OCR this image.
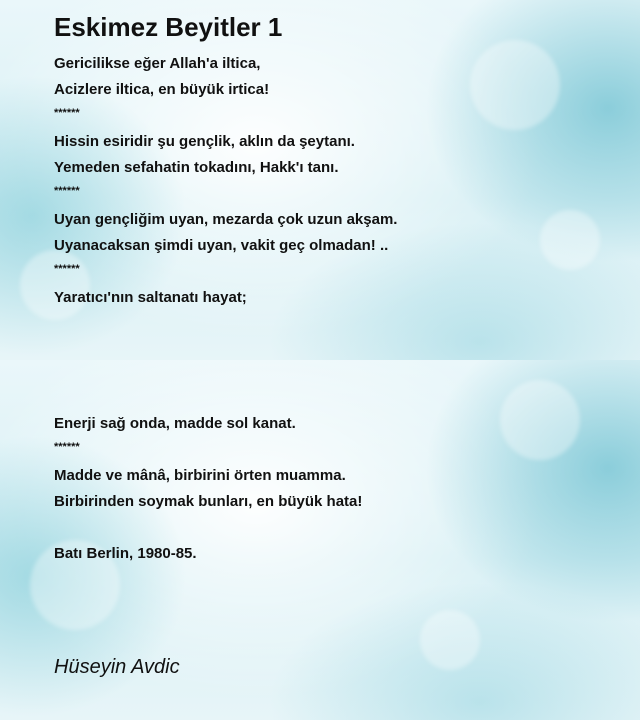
Eskimez Beyitler 1
Gericilikse eğer Allah'a iltica,
Acizlere iltica, en büyük irtica!
******
Hissin esiridir şu gençlik, aklın da şeytanı.
Yemeden sefahatin tokadını, Hakk'ı tanı.
******
Uyan gençliğim uyan, mezarda çok uzun akşam.
Uyanacaksan şimdi uyan, vakit geç olmadan! ..
******
Yaratıcı'nın saltanatı hayat;
Enerji sağ onda, madde sol kanat.
******
Madde ve mânâ, birbirini örten muamma.
Birbirinden soymak bunları, en büyük hata!
Batı Berlin, 1980-85.
Hüseyin Avdic
